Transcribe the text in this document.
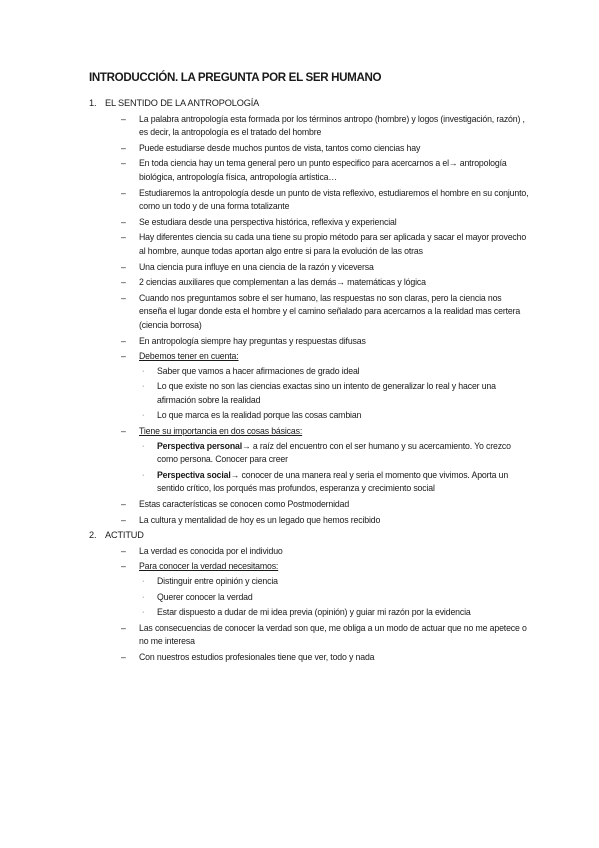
INTRODUCCIÓN. LA PREGUNTA POR EL SER HUMANO
1. EL SENTIDO DE LA ANTROPOLOGÍA
– La palabra antropología esta formada por los términos antropo (hombre) y logos (investigación, razón) , es decir, la antropología es el tratado del hombre
– Puede estudiarse desde muchos puntos de vista, tantos como ciencias hay
– En toda ciencia hay un tema general pero un punto especifico para acercarnos a el→ antropología biológica, antropología física, antropología artística…
– Estudiaremos la antropología desde un punto de vista reflexivo, estudiaremos el hombre en su conjunto, como un todo y de una forma totalizante
– Se estudiara desde una perspectiva histórica, reflexiva y experiencial
– Hay diferentes ciencia su cada una tiene su propio método para ser aplicada y sacar el mayor provecho al hombre, aunque todas aportan algo entre si para la evolución de las otras
– Una ciencia pura influye en una ciencia de la razón y viceversa
– 2 ciencias auxiliares que complementan a las demás→ matemáticas y lógica
– Cuando nos preguntamos sobre el ser humano, las respuestas no son claras, pero la ciencia nos enseña el lugar donde esta el hombre y el camino señalado para acercarnos a la realidad mas certera (ciencia borrosa)
– En antropología siempre hay preguntas y respuestas difusas
– Debemos tener en cuenta:
· Saber que vamos a hacer afirmaciones de grado ideal
· Lo que existe no son las ciencias exactas sino un intento de generalizar lo real y hacer una afirmación sobre la realidad
· Lo que marca es la realidad porque las cosas cambian
– Tiene su importancia en dos cosas básicas:
· Perspectiva personal→ a raíz del encuentro con el ser humano y su acercamiento. Yo crezco como persona. Conocer para creer
· Perspectiva social→ conocer de una manera real y seria el momento que vivimos. Aporta un sentido crítico, los porqués mas profundos, esperanza y crecimiento social
– Estas características se conocen como Postmodernidad
– La cultura y mentalidad de hoy es un legado que hemos recibido
2. ACTITUD
– La verdad es conocida por el individuo
– Para conocer la verdad necesitamos:
· Distinguir entre opinión y ciencia
· Querer conocer la verdad
· Estar dispuesto a dudar de mi idea previa (opinión) y guiar mi razón por la evidencia
– Las consecuencias de conocer la verdad son que, me obliga a un modo de actuar que no me apetece o no me interesa
– Con nuestros estudios profesionales tiene que ver, todo y nada
